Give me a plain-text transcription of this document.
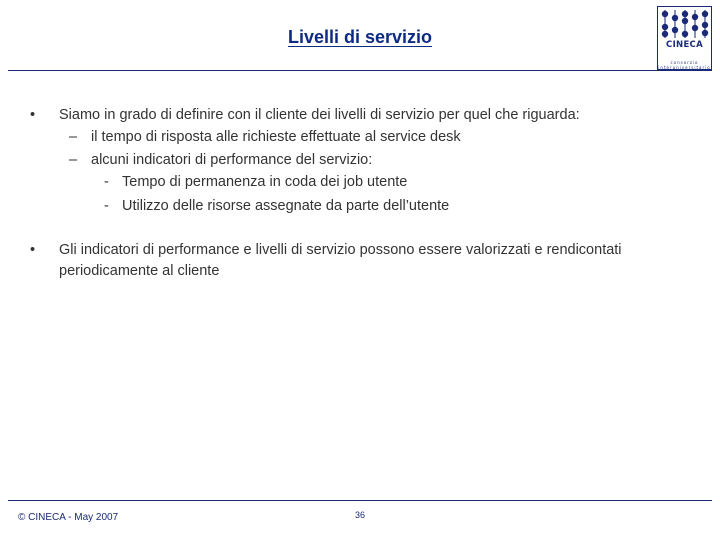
Livelli di servizio	CINECA
consorzio interuniversitario
• Siamo in grado di definire con il cliente dei livelli di servizio per quel che riguarda:
– il tempo di risposta alle richieste effettuate al service desk
– alcuni indicatori di performance del servizio:
- Tempo di permanenza in coda dei job utente
- Utilizzo delle risorse assegnate da parte dell’utente
• Gli indicatori di performance e livelli di servizio possono essere valorizzati e rendicontati
periodicamente al cliente
© CINECA - May 2007	36
